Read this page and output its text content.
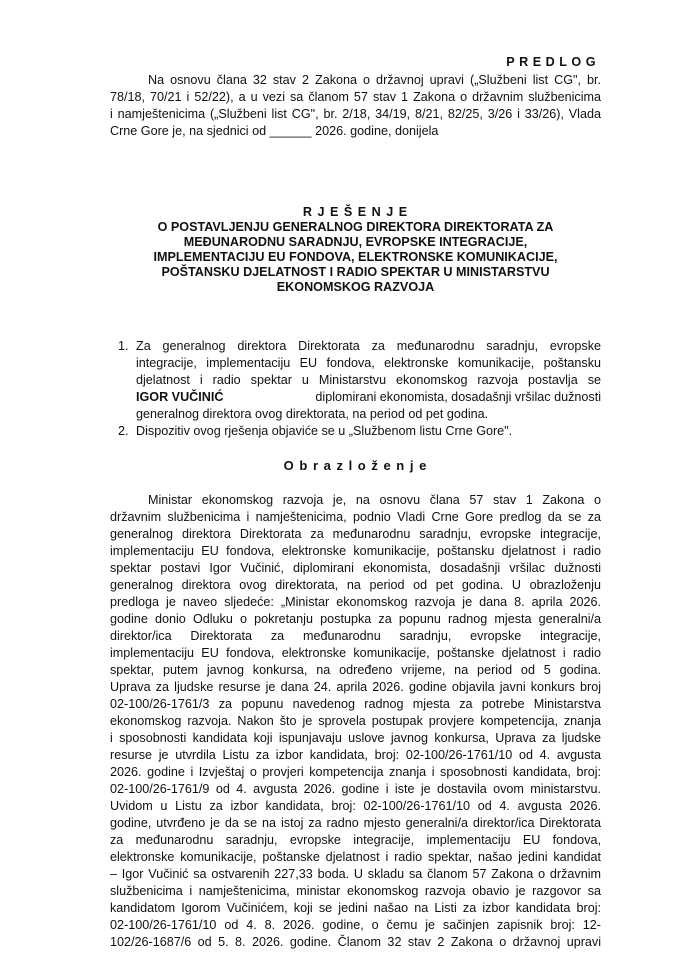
PREDLOG
Na osnovu člana 32 stav 2 Zakona o državnoj upravi („Službeni list CG", br.
78/18, 70/21 i 52/22), a u vezi sa članom 57 stav 1 Zakona o državnim službenicima
i namještenicima („Službeni list CG", br. 2/18, 34/19, 8/21, 82/25, 3/26 i 33/26), Vlada
Crne Gore je, na sjednici od ______ 2026. godine, donijela
R J E Š E N J E
O POSTAVLJENJU GENERALNOG DIREKTORA DIREKTORATA ZA
MEĐUNARODNU SARADNJU, EVROPSKE INTEGRACIJE,
IMPLEMENTACIJU EU FONDOVA, ELEKTRONSKE KOMUNIKACIJE,
POŠTANSKU DJELATNOST I RADIO SPEKTAR U MINISTARSTVU
EKONOMSKOG RAZVOJA
1. Za generalnog direktora Direktorata za međunarodnu saradnju, evropske
integracije, implementaciju EU fondova, elektronske komunikacije, poštansku
djelatnost i radio spektar u Ministarstvu ekonomskog razvoja postavlja se
IGOR VUČINIĆ	diplomirani ekonomista, dosadašnji vršilac dužnosti
generalnog direktora ovog direktorata, na period od pet godina.
2. Dispozitiv ovog rješenja objaviće se u „Službenom listu Crne Gore".
O b r a z l o ž e n j e
Ministar ekonomskog razvoja je, na osnovu člana 57 stav 1 Zakona o
državnim službenicima i namještenicima, podnio Vladi Crne Gore predlog da se za
generalnog direktora Direktorata za međunarodnu saradnju, evropske integracije,
implementaciju EU fondova, elektronske komunikacije, poštansku djelatnost i radio
spektar postavi Igor Vučinić, diplomirani ekonomista, dosadašnji vršilac dužnosti
generalnog direktora ovog direktorata, na period od pet godina. U obrazloženju
predloga je naveo sljedeće: „Ministar ekonomskog razvoja je dana 8. aprila 2026.
godine donio Odluku o pokretanju postupka za popunu radnog mjesta generalni/a
direktor/ica Direktorata za međunarodnu saradnju, evropske integracije,
implementaciju EU fondova, elektronske komunikacije, poštanske djelatnost i radio
spektar, putem javnog konkursa, na određeno vrijeme, na period od 5 godina.
Uprava za ljudske resurse je dana 24. aprila 2026. godine objavila javni konkurs broj
02-100/26-1761/3 za popunu navedenog radnog mjesta za potrebe Ministarstva
ekonomskog razvoja. Nakon što je sprovela postupak provjere kompetencija, znanja
i sposobnosti kandidata koji ispunjavaju uslove javnog konkursa, Uprava za ljudske
resurse je utvrdila Listu za izbor kandidata, broj: 02-100/26-1761/10 od 4. avgusta
2026. godine i Izvještaj o provjeri kompetencija znanja i sposobnosti kandidata, broj:
02-100/26-1761/9 od 4. avgusta 2026. godine i iste je dostavila ovom ministarstvu.
Uvidom u Listu za izbor kandidata, broj: 02-100/26-1761/10 od 4. avgusta 2026.
godine, utvrđeno je da se na istoj za radno mjesto generalni/a direktor/ica Direktorata
za međunarodnu saradnju, evropske integracije, implementaciju EU fondova,
elektronske komunikacije, poštanske djelatnost i radio spektar, našao jedini kandidat
– Igor Vučinić sa ostvarenih 227,33 boda. U skladu sa članom 57 Zakona o državnim
službenicima i namještenicima, ministar ekonomskog razvoja obavio je razgovor sa
kandidatom Igorom Vučinićem, koji se jedini našao na Listi za izbor kandidata broj:
02-100/26-1761/10 od 4. 8. 2026. godine, o čemu je sačinjen zapisnik broj: 12-
102/26-1687/6 od 5. 8. 2026. godine. Članom 32 stav 2 Zakona o državnoj upravi
